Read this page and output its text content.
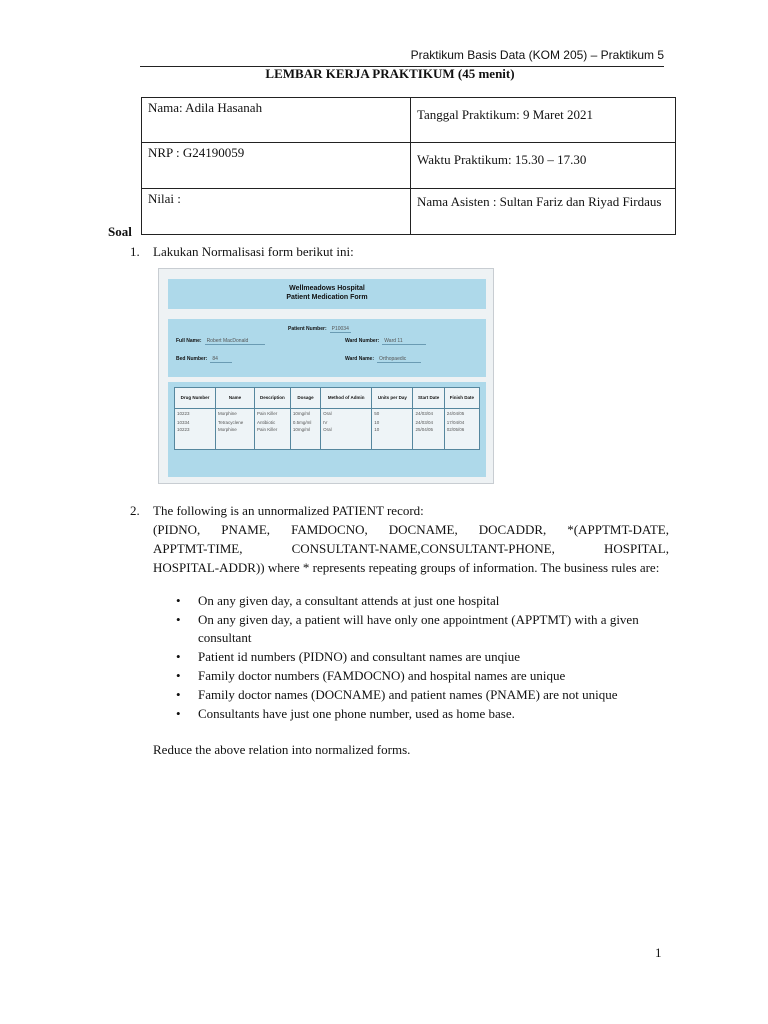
Praktikum Basis Data (KOM 205) – Praktikum 5
LEMBAR KERJA PRAKTIKUM (45 menit)
Nama: Adila Hasanah	Tanggal Praktikum: 9 Maret 2021
NRP : G24190059	Waktu Praktikum: 15.30 – 17.30
Nilai :	Nama Asisten : Sultan Fariz dan Riyad Firdaus
Soal
1. Lakukan Normalisasi form berikut ini:
Wellmeadows Hospital
Patient Medication Form
Patient Number: P10034
Full Name: Robert MacDonald	Ward Number: Ward 11
Bed Number: 84	Ward Name: Orthopaedic
Drug Number	Name	Description	Dosage	Method of Admin	Units per Day	Start Date	Finish Date
10223	Morphine	Pain Killer	10mg/ml	Oral	50	24/03/04	24/04/05
10334	Tetracyclene	Antibiotic	0.5mg/ml	IV	10	24/03/04	17/04/04
10223	Morphine	Pain Killer	10mg/ml	Oral	10	25/04/05	02/05/06
2. The following is an unnormalized PATIENT record:
(PIDNO, PNAME, FAMDOCNO, DOCNAME, DOCADDR, *(APPTMT-DATE,
APPTMT-TIME, CONSULTANT-NAME,CONSULTANT-PHONE, HOSPITAL,
HOSPITAL-ADDR)) where * represents repeating groups of information. The business rules are:
• On any given day, a consultant attends at just one hospital
• On any given day, a patient will have only one appointment (APPTMT) with a given consultant
• Patient id numbers (PIDNO) and consultant names are unqiue
• Family doctor numbers (FAMDOCNO) and hospital names are unique
• Family doctor names (DOCNAME) and patient names (PNAME) are not unique
• Consultants have just one phone number, used as home base.
Reduce the above relation into normalized forms.
1
